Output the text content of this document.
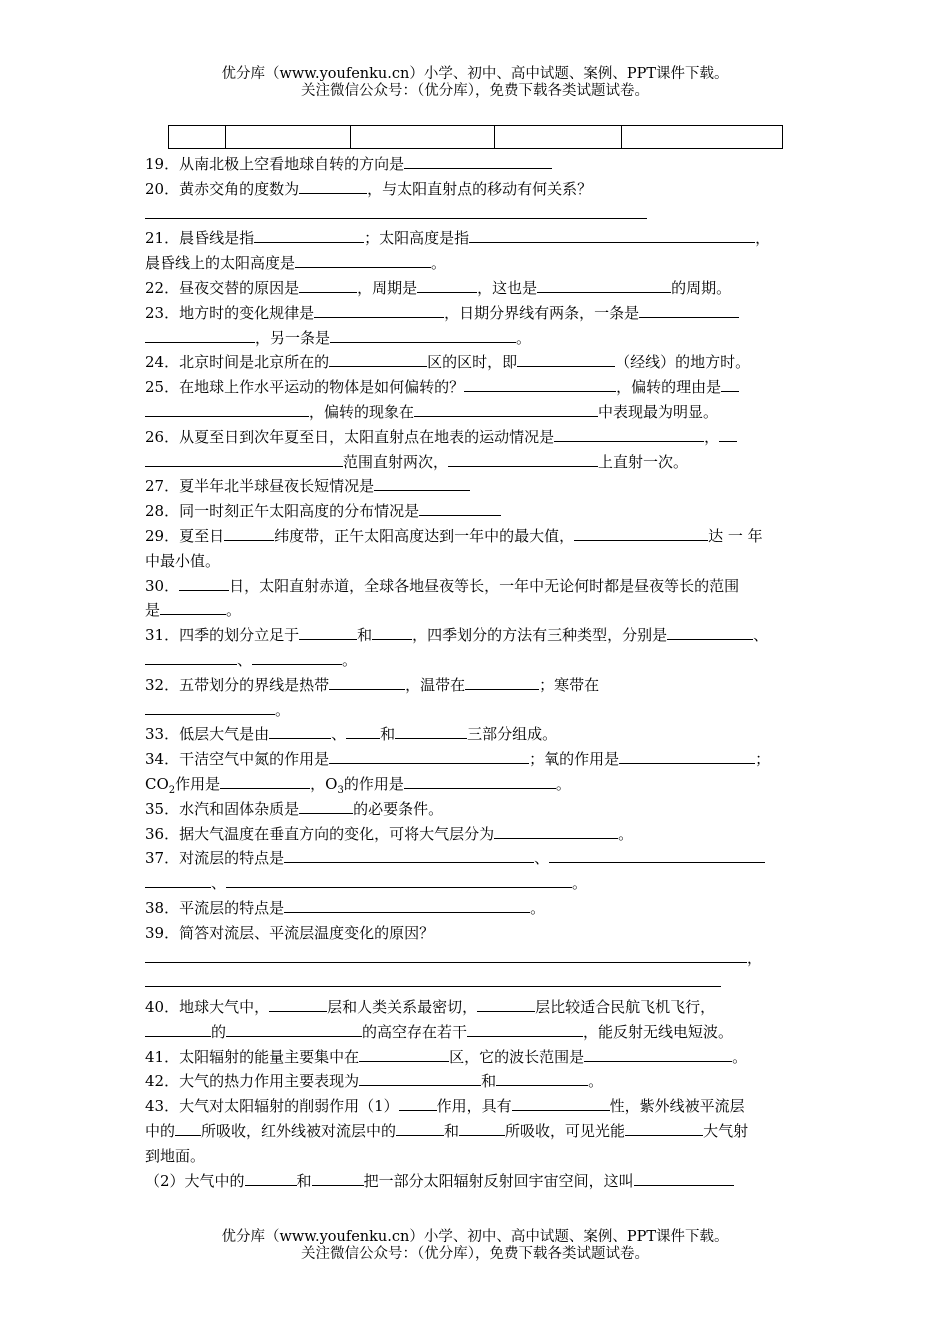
优分库（www.youfenku.cn）小学、初中、高中试题、案例、PPT课件下载。
关注微信公众号：（优分库），免费下载各类试题试卷。

19．从南北极上空看地球自转的方向是
20．黄赤交角的度数为	，与太阳直射点的移动有何关系？
21．晨昏线是指	；太阳高度是指	，
晨昏线上的太阳高度是	。
22．昼夜交替的原因是	，周期是	，这也是	的周期。
23．地方时的变化规律是	，日期分界线有两条，一条是
，另一条是	。
24．北京时间是北京所在的	区的区时，即	（经线）的地方时。
25．在地球上作水平运动的物体是如何偏转的？	，偏转的理由是
，偏转的现象在	中表现最为明显。
26．从夏至日到次年夏至日，太阳直射点在地表的运动情况是	，
范围直射两次，	上直射一次。
27．夏半年北半球昼夜长短情况是
28．同一时刻正午太阳高度的分布情况是
29．夏至日	纬度带，正午太阳高度达到一年中的最大值，	达 一 年
中最小值。
30．	日，太阳直射赤道，全球各地昼夜等长，一年中无论何时都是昼夜等长的范围
是	。
31．四季的划分立足于	和	，四季划分的方法有三种类型，分别是	、
、	。
32．五带划分的界线是热带	，温带在	；寒带在
。
33．低层大气是由	、 和	三部分组成。
34．干洁空气中氮的作用是	；氧的作用是	；
$CO_2$作用是	，$O_3$的作用是	。
35．水汽和固体杂质是	的必要条件。
36．据大气温度在垂直方向的变化，可将大气层分为	。
37．对流层的特点是	、
、	。
38．平流层的特点是	。
39．简答对流层、平流层温度变化的原因？
，
40．地球大气中，	层和人类关系最密切，	层比较适合民航飞机飞行，
的	的高空存在若干	，能反射无线电短波。
41．太阳辐射的能量主要集中在	区，它的波长范围是	。
42．大气的热力作用主要表现为	和	。
43．大气对太阳辐射的削弱作用（1）	作用，具有	性，紫外线被平流层
中的 所吸收，红外线被对流层中的	和	所吸收，可见光能	大气射
到地面。
（2）大气中的	和	把一部分太阳辐射反射回宇宙空间，这叫
优分库（www.youfenku.cn）小学、初中、高中试题、案例、PPT课件下载。
关注微信公众号：（优分库），免费下载各类试题试卷。
